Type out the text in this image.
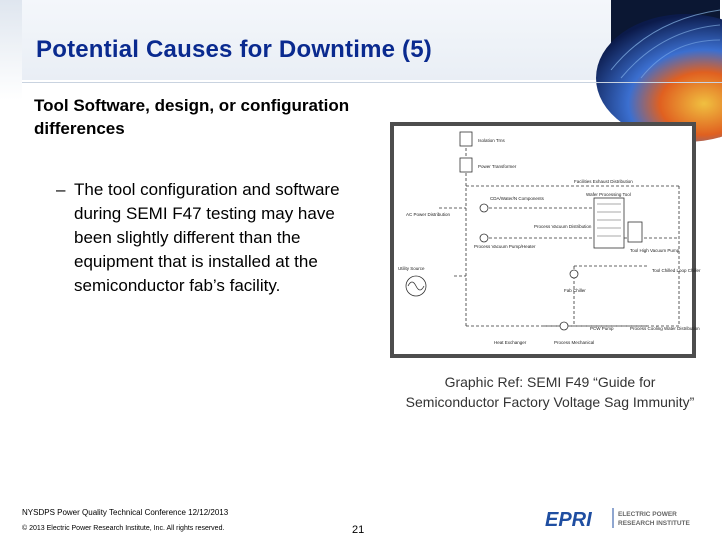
Potential Causes for Downtime (5)
Tool Software, design, or configuration differences
– The tool configuration and software during SEMI F47 testing may have been slightly different than the equipment that is installed at the semiconductor fab’s facility.
Isolation Trns
Power Transformer
Facilities Exhaust Distribution
CDA/Water/N Components
Wafer Processing Tool
Process Vacuum Pump/Heater
Process Vacuum Distribution
Tool High Vacuum Pump
Tool Chilled Loop Chiller
AC Power Distribution
Utility Source
PCW Pump	Process Cooling Water Distribution
Fab Chiller
Heat Exchanger	Process Mechanical
Graphic Ref: SEMI F49 “Guide for Semiconductor Factory Voltage Sag Immunity”
NYSDPS Power Quality Technical Conference 12/12/2013
© 2013 Electric Power Research Institute, Inc. All rights reserved.	21	EPRI	ELECTRIC POWER
RESEARCH INSTITUTE
